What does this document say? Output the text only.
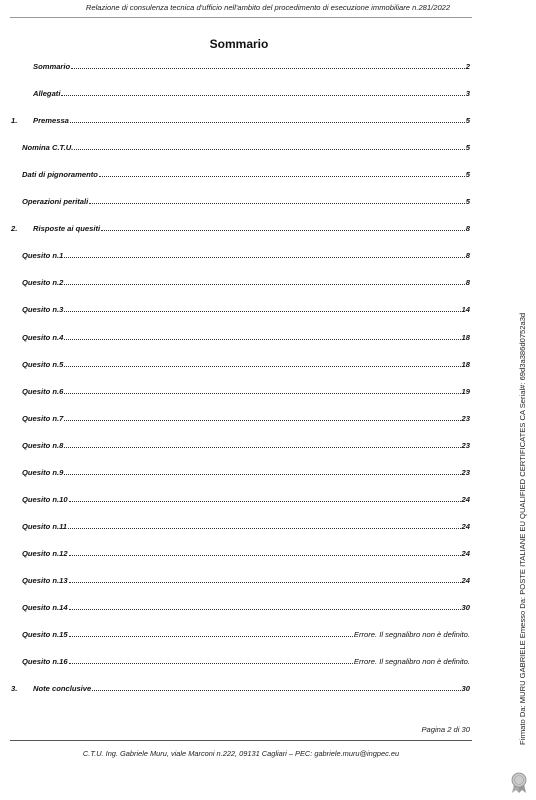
Relazione di consulenza tecnica d'ufficio nell'ambito del procedimento di esecuzione immobiliare n.281/2022
Sommario
Sommario	2
Allegati	3
1.	Premessa	5
Nomina C.T.U.	5
Dati di pignoramento	5
Operazioni peritali	5
2.	Risposte ai quesiti	8
Quesito n.1	8
Quesito n.2	8
Quesito n.3	14
Quesito n.4	18
Quesito n.5	18
Quesito n.6	19
Quesito n.7	23
Quesito n.8	23
Quesito n.9	23
Quesito n.10	24
Quesito n.11	24
Quesito n.12	24
Quesito n.13	24
Quesito n.14	30
Quesito n.15	Errore. Il segnalibro non è definito.
Quesito n.16	Errore. Il segnalibro non è definito.
3.	Note conclusive	30
Pagina 2 di 30
C.T.U. Ing. Gabriele Muru, viale Marconi n.222, 09131 Cagliari – PEC: gabriele.muru@ingpec.eu
Firmato Da: MURU GABRIELE Emesso Da: POSTE ITALIANE EU QUALIFIED CERTIFICATES CA Serial#: 69d3a386d0752a3d
